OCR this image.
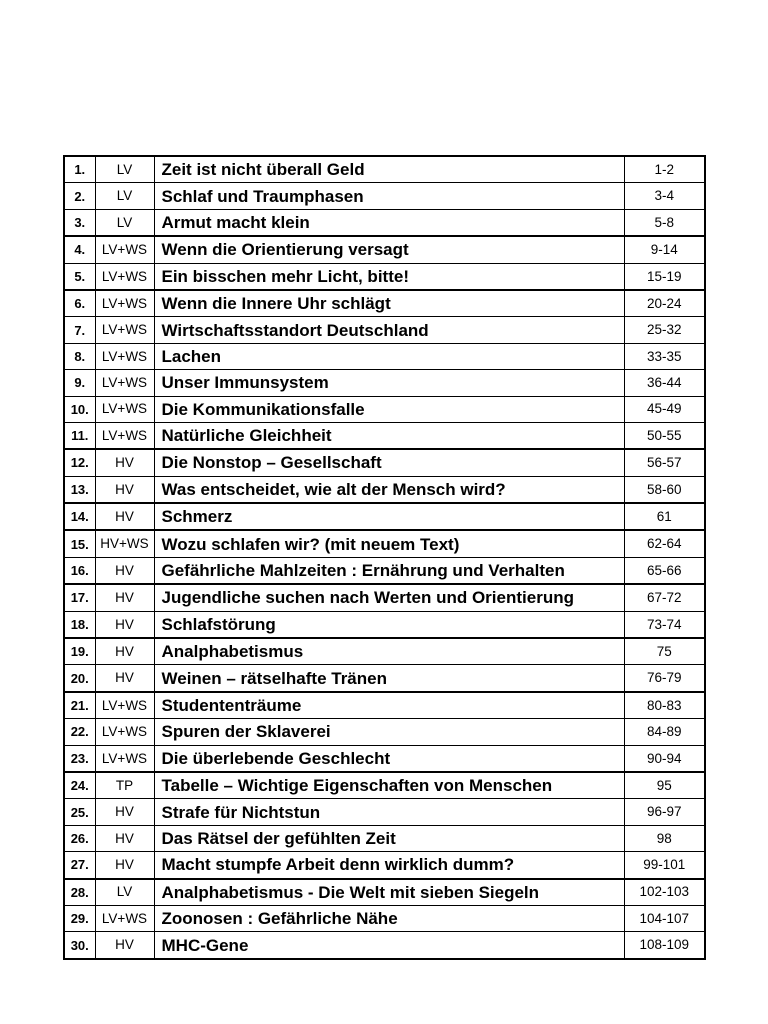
1.	LV	Zeit ist nicht überall Geld	1-2
2.	LV	Schlaf und Traumphasen	3-4
3.	LV	Armut macht klein	5-8
4.	LV+WS	Wenn die Orientierung versagt	9-14
5.	LV+WS	Ein bisschen mehr Licht, bitte!	15-19
6.	LV+WS	Wenn die Innere Uhr schlägt	20-24
7.	LV+WS	Wirtschaftsstandort Deutschland	25-32
8.	LV+WS	Lachen	33-35
9.	LV+WS	Unser Immunsystem	36-44
10.	LV+WS	Die Kommunikationsfalle	45-49
11.	LV+WS	Natürliche Gleichheit	50-55
12.	HV	Die Nonstop – Gesellschaft	56-57
13.	HV	Was entscheidet, wie alt der Mensch wird?	58-60
14.	HV	Schmerz	61
15.	HV+WS	Wozu schlafen wir? (mit neuem Text)	62-64
16.	HV	Gefährliche Mahlzeiten : Ernährung und Verhalten	65-66
17.	HV	Jugendliche suchen nach Werten und Orientierung	67-72
18.	HV	Schlafstörung	73-74
19.	HV	Analphabetismus	75
20.	HV	Weinen – rätselhafte Tränen	76-79
21.	LV+WS	Studententräume	80-83
22.	LV+WS	Spuren der Sklaverei	84-89
23.	LV+WS	Die überlebende Geschlecht	90-94
24.	TP	Tabelle – Wichtige Eigenschaften von Menschen	95
25.	HV	Strafe für Nichtstun	96-97
26.	HV	Das Rätsel der gefühlten Zeit	98
27.	HV	Macht stumpfe Arbeit denn wirklich dumm?	99-101
28.	LV	Analphabetismus - Die Welt mit sieben Siegeln	102-103
29.	LV+WS	Zoonosen : Gefährliche Nähe	104-107
30.	HV	MHC-Gene	108-109
